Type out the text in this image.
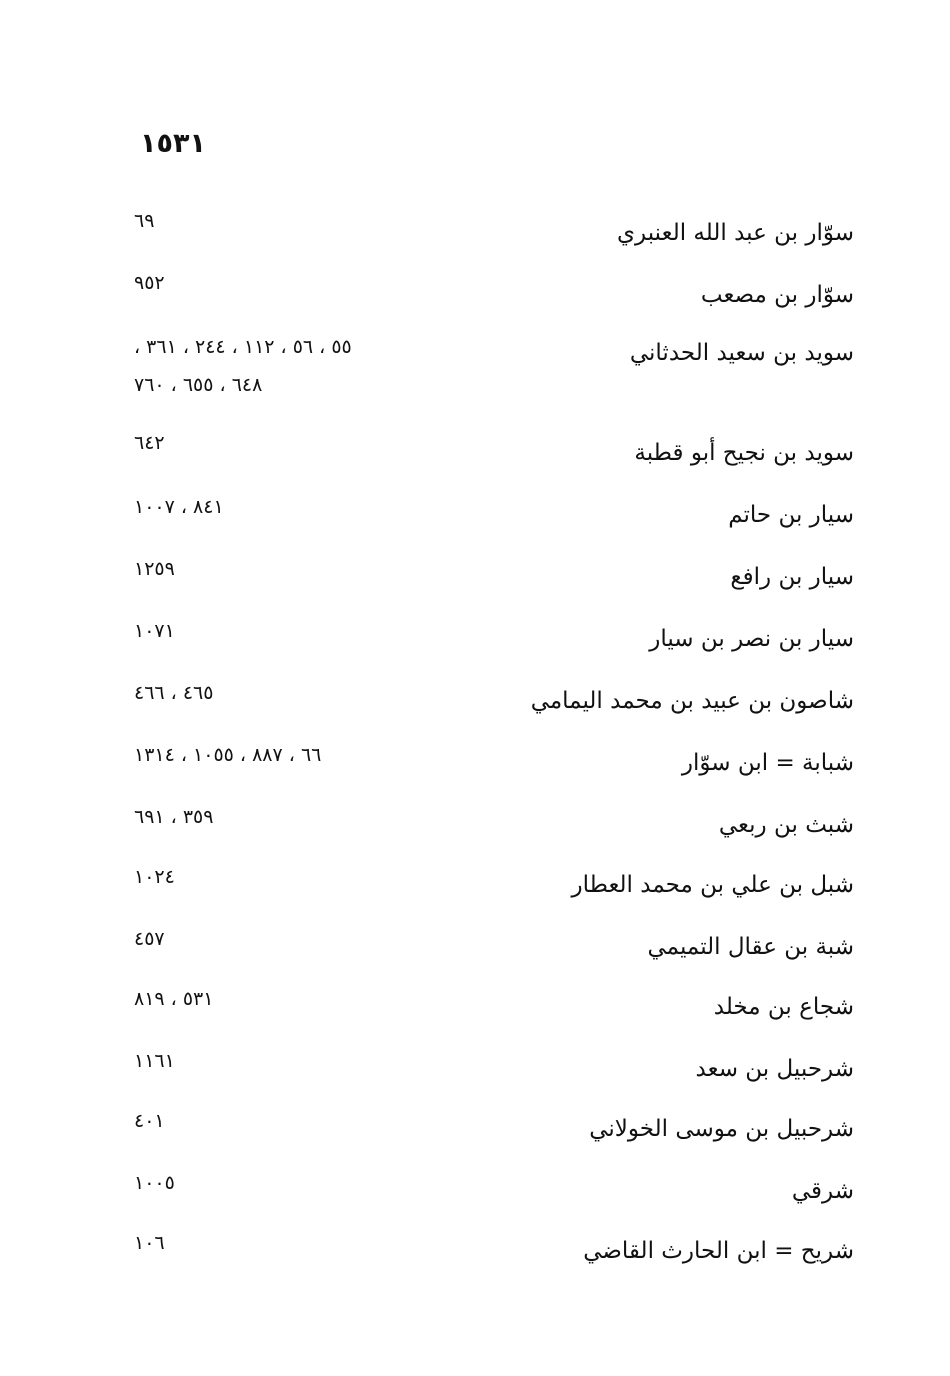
١٥٣١
سوّار بن عبد الله العنبري
٦٩
سوّار بن مصعب
٩٥٢
سويد بن سعيد الحدثاني
٥٥ ، ٥٦ ، ١١٢ ، ٢٤٤ ، ٣٦١ ،
٦٤٨ ، ٦٥٥ ، ٧٦٠
سويد بن نجيح أبو قطبة
٦٤٢
سيار بن حاتم
٨٤١ ، ١٠٠٧
سيار بن رافع
١٢٥٩
سيار بن نصر بن سيار
١٠٧١
شاصون بن عبيد بن محمد اليمامي
٤٦٥ ، ٤٦٦
شبابة = ابن سوّار
٦٦ ، ٨٨٧ ، ١٠٥٥ ، ١٣١٤
شبث بن ربعي
٣٥٩ ، ٦٩١
شبل بن علي بن محمد العطار
١٠٢٤
شبة بن عقال التميمي
٤٥٧
شجاع بن مخلد
٥٣١ ، ٨١٩
شرحبيل بن سعد
١١٦١
شرحبيل بن موسى الخولاني
٤٠١
شرقي
١٠٠٥
شريح = ابن الحارث القاضي
١٠٦
